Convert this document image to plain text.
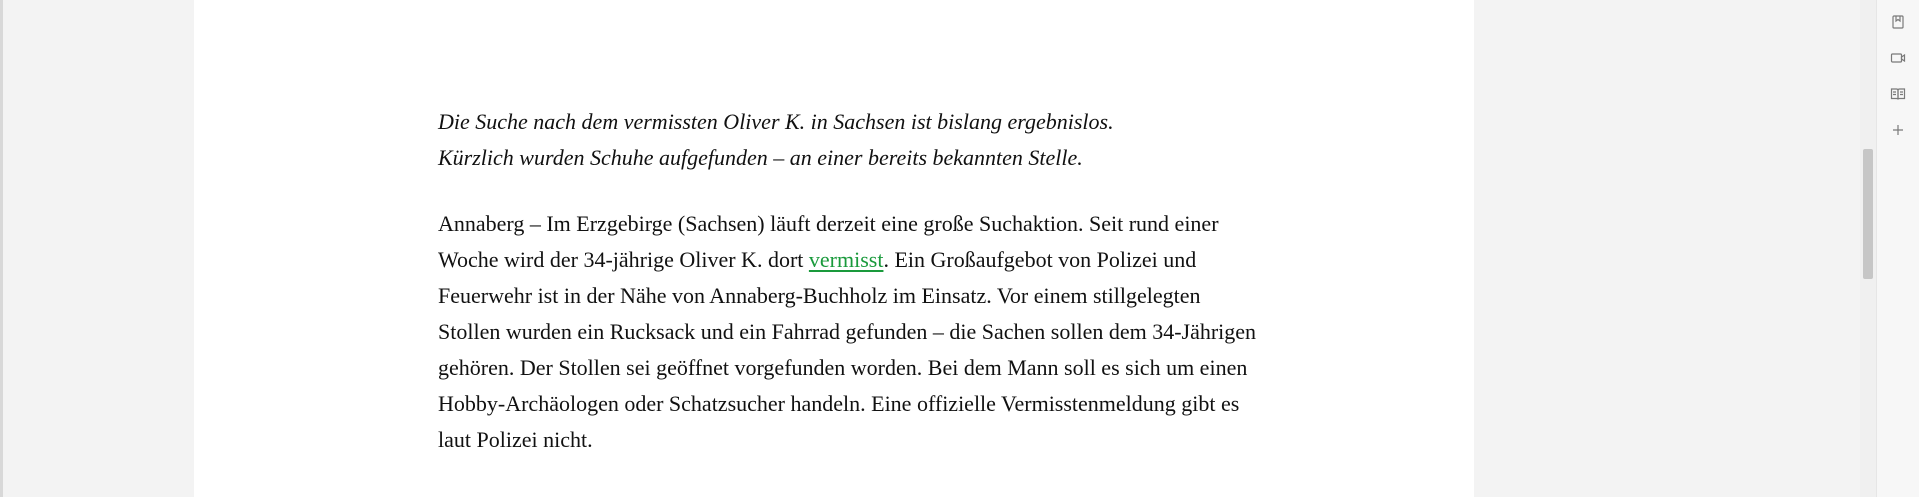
Die Suche nach dem vermissten Oliver K. in Sachsen ist bislang ergebnislos.
Kürzlich wurden Schuhe aufgefunden – an einer bereits bekannten Stelle.

Annaberg – Im Erzgebirge (Sachsen) läuft derzeit eine große Suchaktion. Seit rund einer Woche wird der 34-jährige Oliver K. dort vermisst. Ein Großaufgebot von Polizei und Feuerwehr ist in der Nähe von Annaberg-Buchholz im Einsatz. Vor einem stillgelegten Stollen wurden ein Rucksack und ein Fahrrad gefunden – die Sachen sollen dem 34-Jährigen gehören. Der Stollen sei geöffnet vorgefunden worden. Bei dem Mann soll es sich um einen Hobby-Archäologen oder Schatzsucher handeln. Eine offizielle Vermisstenmeldung gibt es laut Polizei nicht.
